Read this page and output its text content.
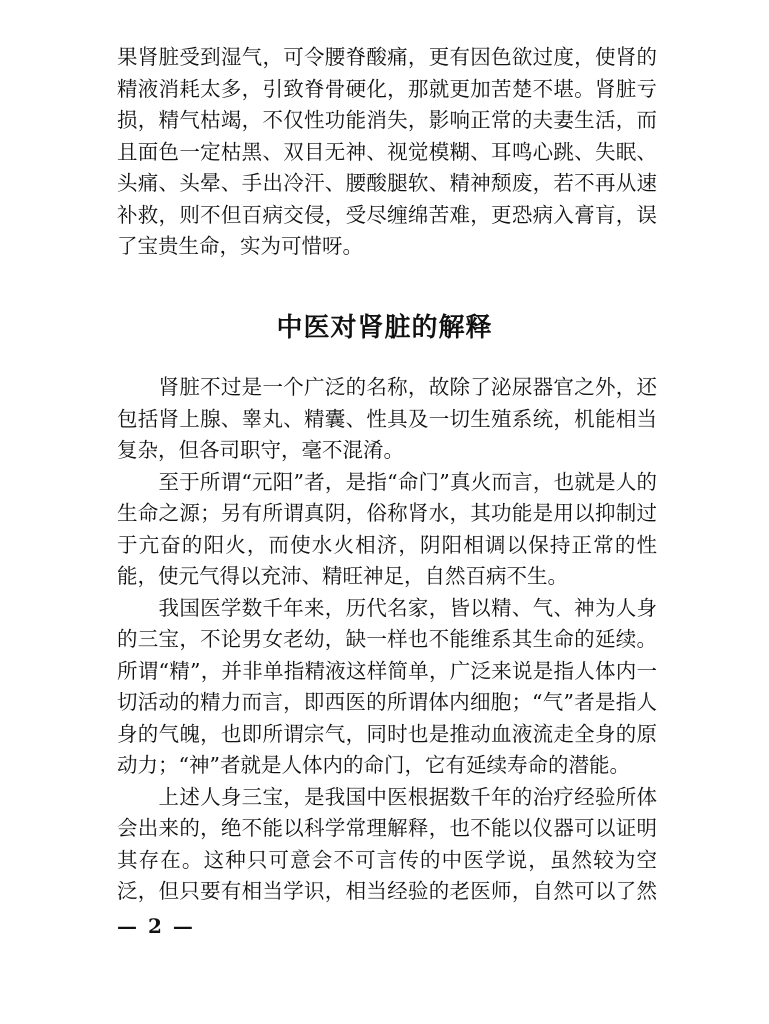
果肾脏受到湿气，可令腰脊酸痛，更有因色欲过度，使肾的
精液消耗太多，引致脊骨硬化，那就更加苦楚不堪。肾脏亏
损，精气枯竭，不仅性功能消失，影响正常的夫妻生活，而
且面色一定枯黑、双目无神、视觉模糊、耳鸣心跳、失眠、
头痛、头晕、手出冷汗、腰酸腿软、精神颓废，若不再从速
补救，则不但百病交侵，受尽缠绵苦难，更恐病入膏肓，误
了宝贵生命，实为可惜呀。
中医对肾脏的解释
　　肾脏不过是一个广泛的名称，故除了泌尿器官之外，还
包括肾上腺、睾丸、精囊、性具及一切生殖系统，机能相当
复杂，但各司职守，毫不混淆。
　　至于所谓“元阳”者，是指“命门”真火而言，也就是人的
生命之源；另有所谓真阴，俗称肾水，其功能是用以抑制过
于亢奋的阳火，而使水火相济，阴阳相调以保持正常的性
能，使元气得以充沛、精旺神足，自然百病不生。
　　我国医学数千年来，历代名家，皆以精、气、神为人身
的三宝，不论男女老幼，缺一样也不能维系其生命的延续。
所谓“精”，并非单指精液这样简单，广泛来说是指人体内一
切活动的精力而言，即西医的所谓体内细胞；“气”者是指人
身的气魄，也即所谓宗气，同时也是推动血液流走全身的原
动力；“神”者就是人体内的命门，它有延续寿命的潜能。
　　上述人身三宝，是我国中医根据数千年的治疗经验所体
会出来的，绝不能以科学常理解释，也不能以仪器可以证明
其存在。这种只可意会不可言传的中医学说，虽然较为空
泛，但只要有相当学识，相当经验的老医师，自然可以了然
— 2 —
